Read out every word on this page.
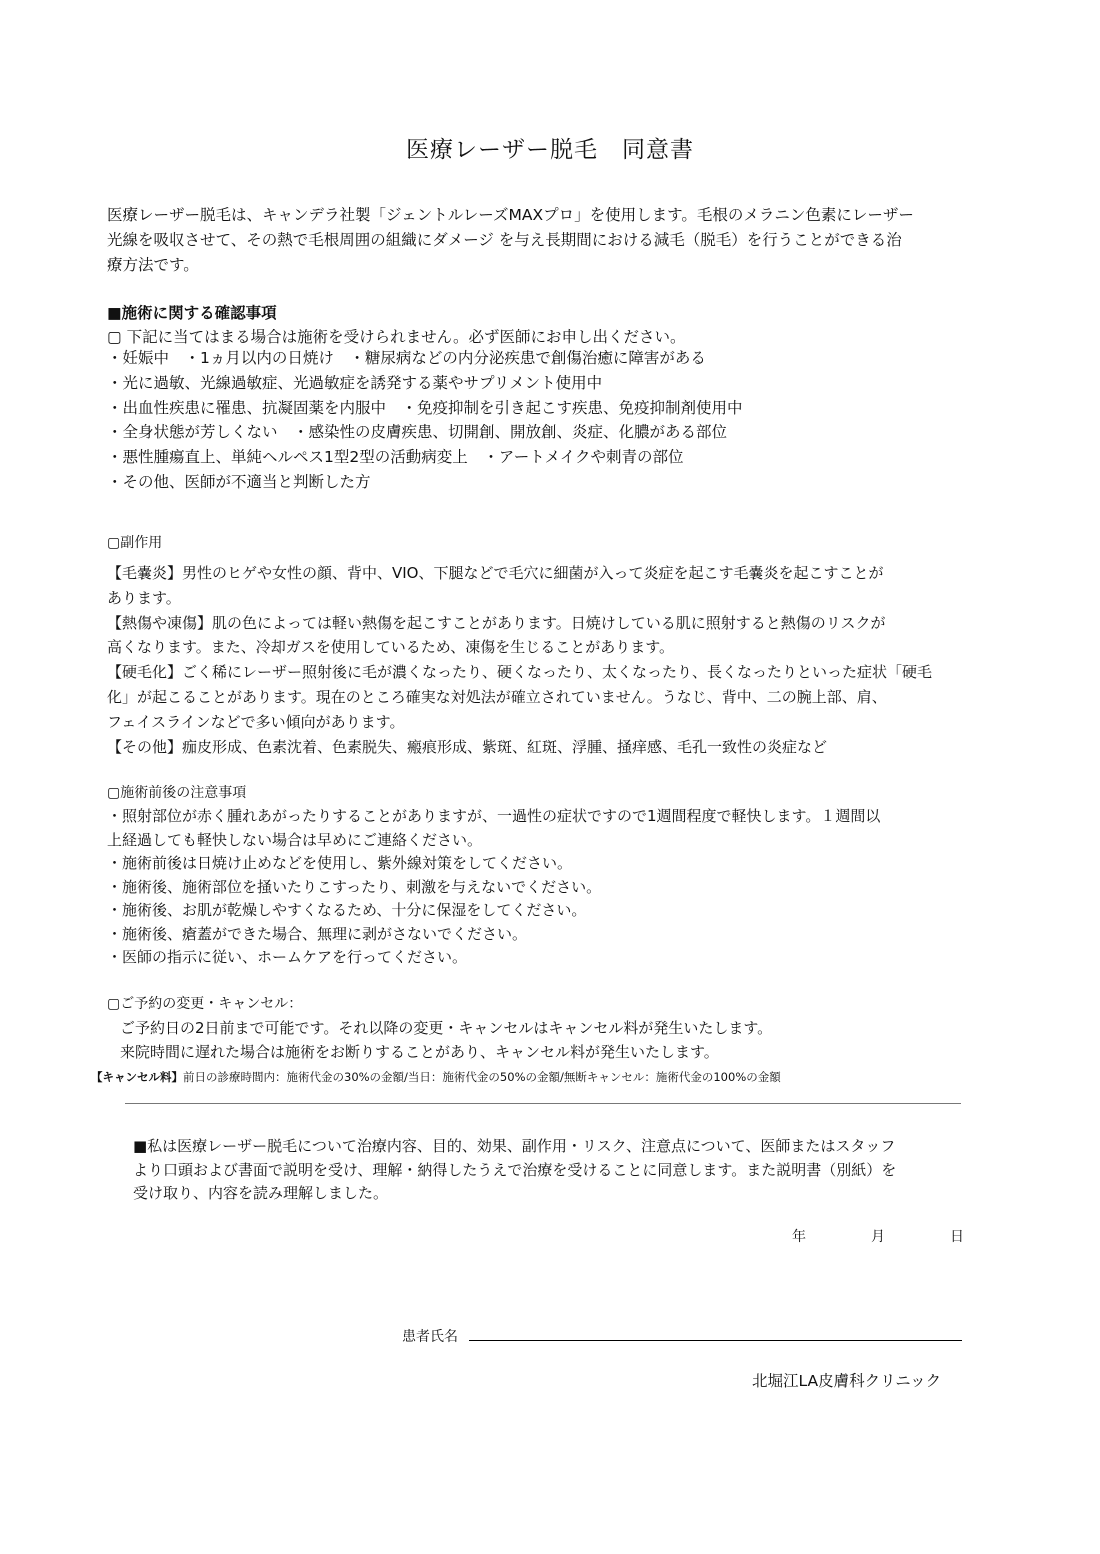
医療レーザー脱毛　同意書
医療レーザー脱毛は、キャンデラ社製「ジェントルレーズMAXプロ」を使用します。毛根のメラニン色素にレーザー
光線を吸収させて、その熱で毛根周囲の組織にダメージ を与え長期間における減毛（脱毛）を行うことができる治
療方法です。
■施術に関する確認事項
▢ 下記に当てはまる場合は施術を受けられません。必ず医師にお申し出ください。
・妊娠中　・1ヵ月以内の日焼け　・糖尿病などの内分泌疾患で創傷治癒に障害がある
・光に過敏、光線過敏症、光過敏症を誘発する薬やサプリメント使用中
・出血性疾患に罹患、抗凝固薬を内服中　・免疫抑制を引き起こす疾患、免疫抑制剤使用中
・全身状態が芳しくない　・感染性の皮膚疾患、切開創、開放創、炎症、化膿がある部位
・悪性腫瘍直上、単純ヘルペス1型2型の活動病変上　・アートメイクや刺青の部位
・その他、医師が不適当と判断した方
▢副作用
【毛嚢炎】男性のヒゲや女性の顔、背中、VIO、下腿などで毛穴に細菌が入って炎症を起こす毛嚢炎を起こすことが
あります。
【熱傷や凍傷】肌の色によっては軽い熱傷を起こすことがあります。日焼けしている肌に照射すると熱傷のリスクが
高くなります。また、冷却ガスを使用しているため、凍傷を生じることがあります。
【硬毛化】ごく稀にレーザー照射後に毛が濃くなったり、硬くなったり、太くなったり、長くなったりといった症状「硬毛
化」が起こることがあります。現在のところ確実な対処法が確立されていません。うなじ、背中、二の腕上部、肩、
フェイスラインなどで多い傾向があります。
【その他】痂皮形成、色素沈着、色素脱失、瘢痕形成、紫斑、紅斑、浮腫、掻痒感、毛孔一致性の炎症など
▢施術前後の注意事項
・照射部位が赤く腫れあがったりすることがありますが、一過性の症状ですので1週間程度で軽快します。１週間以
上経過しても軽快しない場合は早めにご連絡ください。
・施術前後は日焼け止めなどを使用し、紫外線対策をしてください。
・施術後、施術部位を掻いたりこすったり、刺激を与えないでください。
・施術後、お肌が乾燥しやすくなるため、十分に保湿をしてください。
・施術後、瘡蓋ができた場合、無理に剥がさないでください。
・医師の指示に従い、ホームケアを行ってください。
▢ご予約の変更・キャンセル：
ご予約日の2日前まで可能です。それ以降の変更・キャンセルはキャンセル料が発生いたします。
来院時間に遅れた場合は施術をお断りすることがあり、キャンセル料が発生いたします。
【キャンセル料】前日の診療時間内：施術代金の30%の金額/当日：施術代金の50%の金額/無断キャンセル：施術代金の100%の金額
■私は医療レーザー脱毛について治療内容、目的、効果、副作用・リスク、注意点について、医師またはスタッフ
より口頭および書面で説明を受け、理解・納得したうえで治療を受けることに同意します。また説明書（別紙）を
受け取り、内容を読み理解しました。
年	月	日
患者氏名
北堀江LA皮膚科クリニック
